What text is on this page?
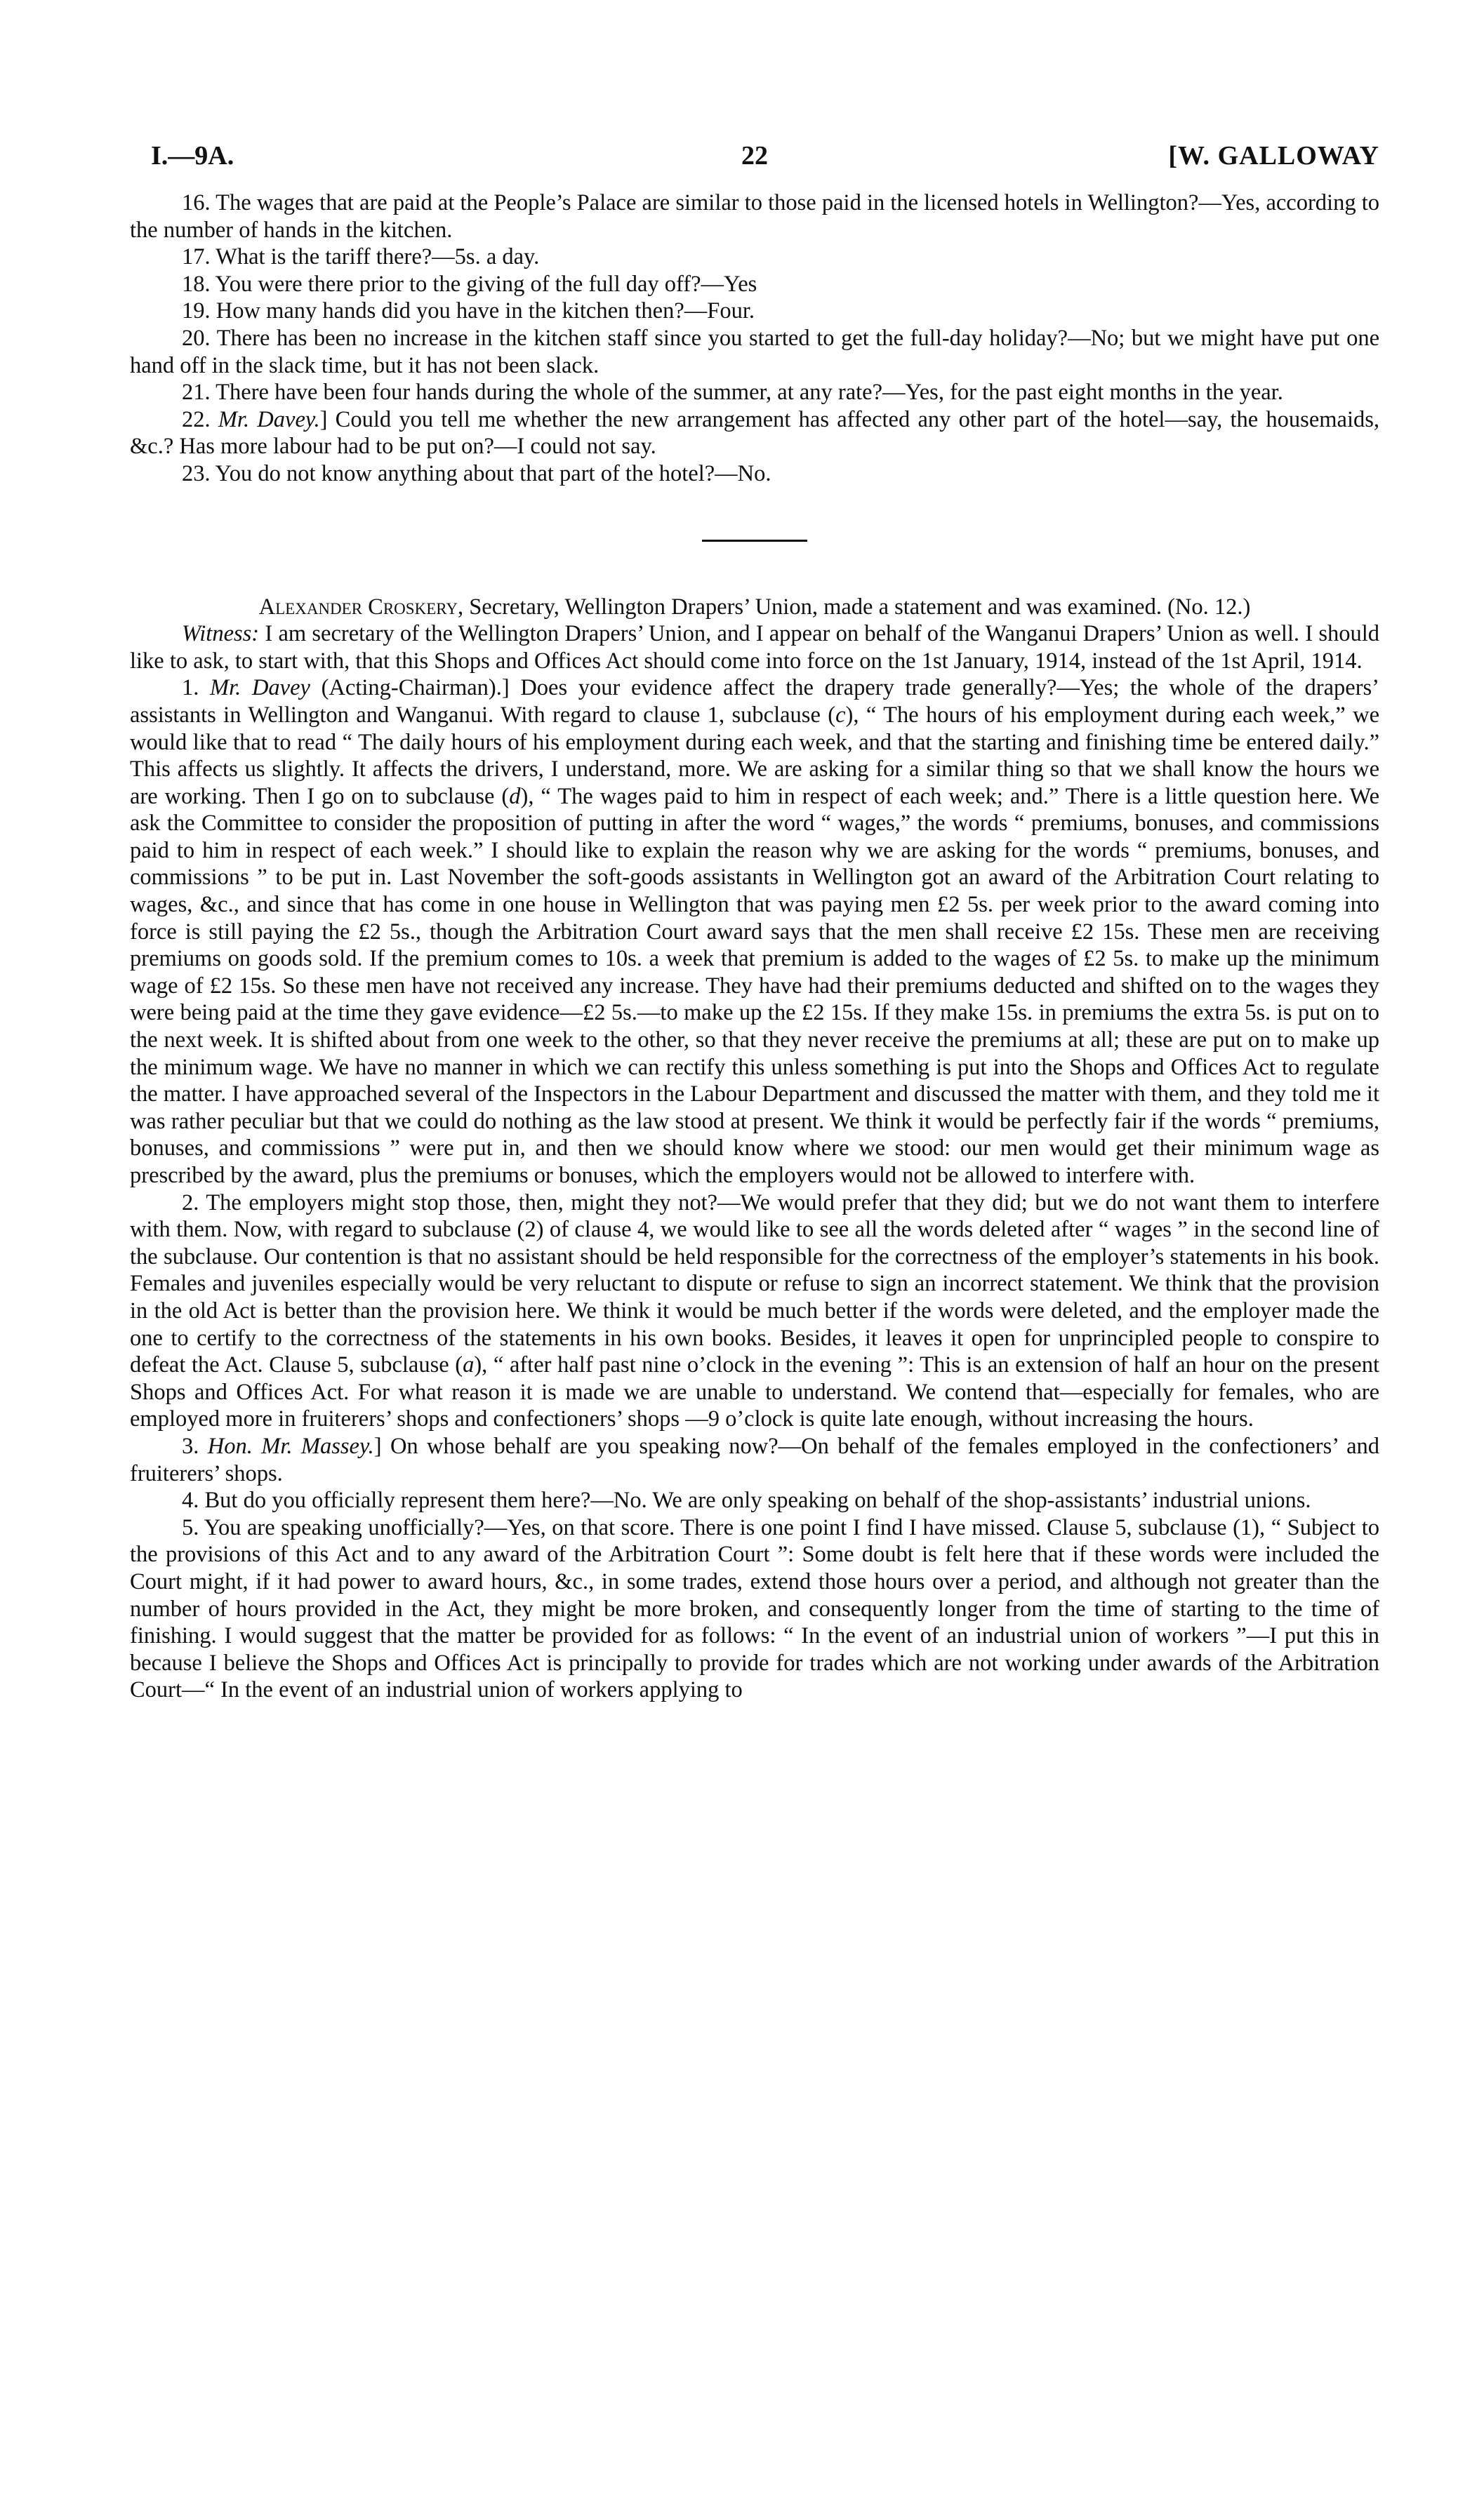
I.—9A.	22	[W. GALLOWAY

16. The wages that are paid at the People’s Palace are similar to those paid in the licensed hotels in Wellington?—Yes, according to the number of hands in the kitchen.

17. What is the tariff there?—5s. a day.

18. You were there prior to the giving of the full day off?—Yes

19. How many hands did you have in the kitchen then?—Four.

20. There has been no increase in the kitchen staff since you started to get the full-day holiday?—No; but we might have put one hand off in the slack time, but it has not been slack.

21. There have been four hands during the whole of the summer, at any rate?—Yes, for the past eight months in the year.

22. Mr. Davey.] Could you tell me whether the new arrangement has affected any other part of the hotel—say, the housemaids, &c.? Has more labour had to be put on?—I could not say.

23. You do not know anything about that part of the hotel?—No.

Alexander Croskery, Secretary, Wellington Drapers’ Union, made a statement and was examined. (No. 12.)

Witness: I am secretary of the Wellington Drapers’ Union, and I appear on behalf of the Wanganui Drapers’ Union as well. I should like to ask, to start with, that this Shops and Offices Act should come into force on the 1st January, 1914, instead of the 1st April, 1914.

1. Mr. Davey (Acting-Chairman).] Does your evidence affect the drapery trade generally?—Yes; the whole of the drapers’ assistants in Wellington and Wanganui. With regard to clause 1, subclause (c), “ The hours of his employment during each week,” we would like that to read “ The daily hours of his employment during each week, and that the starting and finishing time be entered daily.” This affects us slightly. It affects the drivers, I understand, more. We are asking for a similar thing so that we shall know the hours we are working. Then I go on to subclause (d), “ The wages paid to him in respect of each week; and.” There is a little question here. We ask the Committee to consider the proposition of putting in after the word “ wages,” the words “ premiums, bonuses, and commissions paid to him in respect of each week.” I should like to explain the reason why we are asking for the words “ premiums, bonuses, and commissions ” to be put in. Last November the soft-goods assistants in Wellington got an award of the Arbitration Court relating to wages, &c., and since that has come in one house in Wellington that was paying men £2 5s. per week prior to the award coming into force is still paying the £2 5s., though the Arbitration Court award says that the men shall receive £2 15s. These men are receiving premiums on goods sold. If the premium comes to 10s. a week that premium is added to the wages of £2 5s. to make up the minimum wage of £2 15s. So these men have not received any increase. They have had their premiums deducted and shifted on to the wages they were being paid at the time they gave evidence—£2 5s.—to make up the £2 15s. If they make 15s. in premiums the extra 5s. is put on to the next week. It is shifted about from one week to the other, so that they never receive the premiums at all; these are put on to make up the minimum wage. We have no manner in which we can rectify this unless something is put into the Shops and Offices Act to regulate the matter. I have approached several of the Inspectors in the Labour Department and discussed the matter with them, and they told me it was rather peculiar but that we could do nothing as the law stood at present. We think it would be perfectly fair if the words “ premiums, bonuses, and commissions ” were put in, and then we should know where we stood: our men would get their minimum wage as prescribed by the award, plus the premiums or bonuses, which the employers would not be allowed to interfere with.

2. The employers might stop those, then, might they not?—We would prefer that they did; but we do not want them to interfere with them. Now, with regard to subclause (2) of clause 4, we would like to see all the words deleted after “ wages ” in the second line of the subclause. Our contention is that no assistant should be held responsible for the correctness of the employer’s statements in his book. Females and juveniles especially would be very reluctant to dispute or refuse to sign an incorrect statement. We think that the provision in the old Act is better than the provision here. We think it would be much better if the words were deleted, and the employer made the one to certify to the correctness of the statements in his own books. Besides, it leaves it open for unprincipled people to conspire to defeat the Act. Clause 5, subclause (a), “ after half past nine o’clock in the evening ”: This is an extension of half an hour on the present Shops and Offices Act. For what reason it is made we are unable to understand. We contend that—especially for females, who are employed more in fruiterers’ shops and confectioners’ shops —9 o’clock is quite late enough, without increasing the hours.

3. Hon. Mr. Massey.] On whose behalf are you speaking now?—On behalf of the females employed in the confectioners’ and fruiterers’ shops.

4. But do you officially represent them here?—No. We are only speaking on behalf of the shop-assistants’ industrial unions.

5. You are speaking unofficially?—Yes, on that score. There is one point I find I have missed. Clause 5, subclause (1), “ Subject to the provisions of this Act and to any award of the Arbitration Court ”: Some doubt is felt here that if these words were included the Court might, if it had power to award hours, &c., in some trades, extend those hours over a period, and although not greater than the number of hours provided in the Act, they might be more broken, and consequently longer from the time of starting to the time of finishing. I would suggest that the matter be provided for as follows: “ In the event of an industrial union of workers ”—I put this in because I believe the Shops and Offices Act is principally to provide for trades which are not working under awards of the Arbitration Court—“ In the event of an industrial union of workers applying to
